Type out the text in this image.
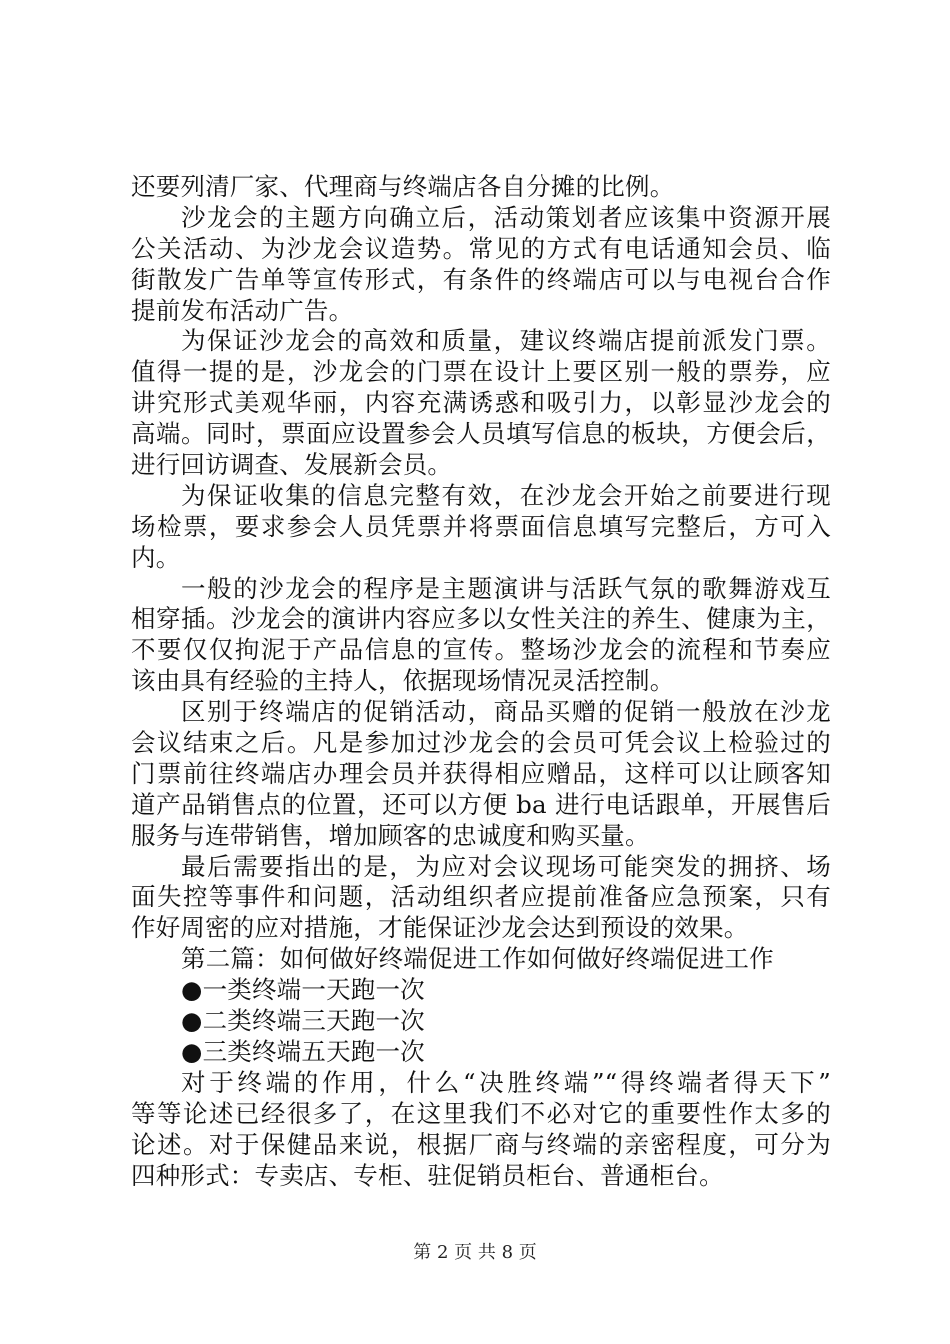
还要列清厂家、代理商与终端店各自分摊的比例。
沙龙会的主题方向确立后，活动策划者应该集中资源开展
公关活动、为沙龙会议造势。常见的方式有电话通知会员、临
街散发广告单等宣传形式，有条件的终端店可以与电视台合作
提前发布活动广告。
为保证沙龙会的高效和质量，建议终端店提前派发门票。
值得一提的是，沙龙会的门票在设计上要区别一般的票券，应
讲究形式美观华丽，内容充满诱惑和吸引力，以彰显沙龙会的
高端。同时，票面应设置参会人员填写信息的板块，方便会后，
进行回访调查、发展新会员。
为保证收集的信息完整有效，在沙龙会开始之前要进行现
场检票，要求参会人员凭票并将票面信息填写完整后，方可入
内。
一般的沙龙会的程序是主题演讲与活跃气氛的歌舞游戏互
相穿插。沙龙会的演讲内容应多以女性关注的养生、健康为主，
不要仅仅拘泥于产品信息的宣传。整场沙龙会的流程和节奏应
该由具有经验的主持人，依据现场情况灵活控制。
区别于终端店的促销活动，商品买赠的促销一般放在沙龙
会议结束之后。凡是参加过沙龙会的会员可凭会议上检验过的
门票前往终端店办理会员并获得相应赠品，这样可以让顾客知
道产品销售点的位置，还可以方便 ba 进行电话跟单，开展售后
服务与连带销售，增加顾客的忠诚度和购买量。
最后需要指出的是，为应对会议现场可能突发的拥挤、场
面失控等事件和问题，活动组织者应提前准备应急预案，只有
作好周密的应对措施，才能保证沙龙会达到预设的效果。
第二篇：如何做好终端促进工作如何做好终端促进工作
●一类终端一天跑一次
●二类终端三天跑一次
●三类终端五天跑一次
对于终端的作用，什么“决胜终端”“得终端者得天下”
等等论述已经很多了，在这里我们不必对它的重要性作太多的
论述。对于保健品来说，根据厂商与终端的亲密程度，可分为
四种形式：专卖店、专柜、驻促销员柜台、普通柜台。
第 2 页 共 8 页
